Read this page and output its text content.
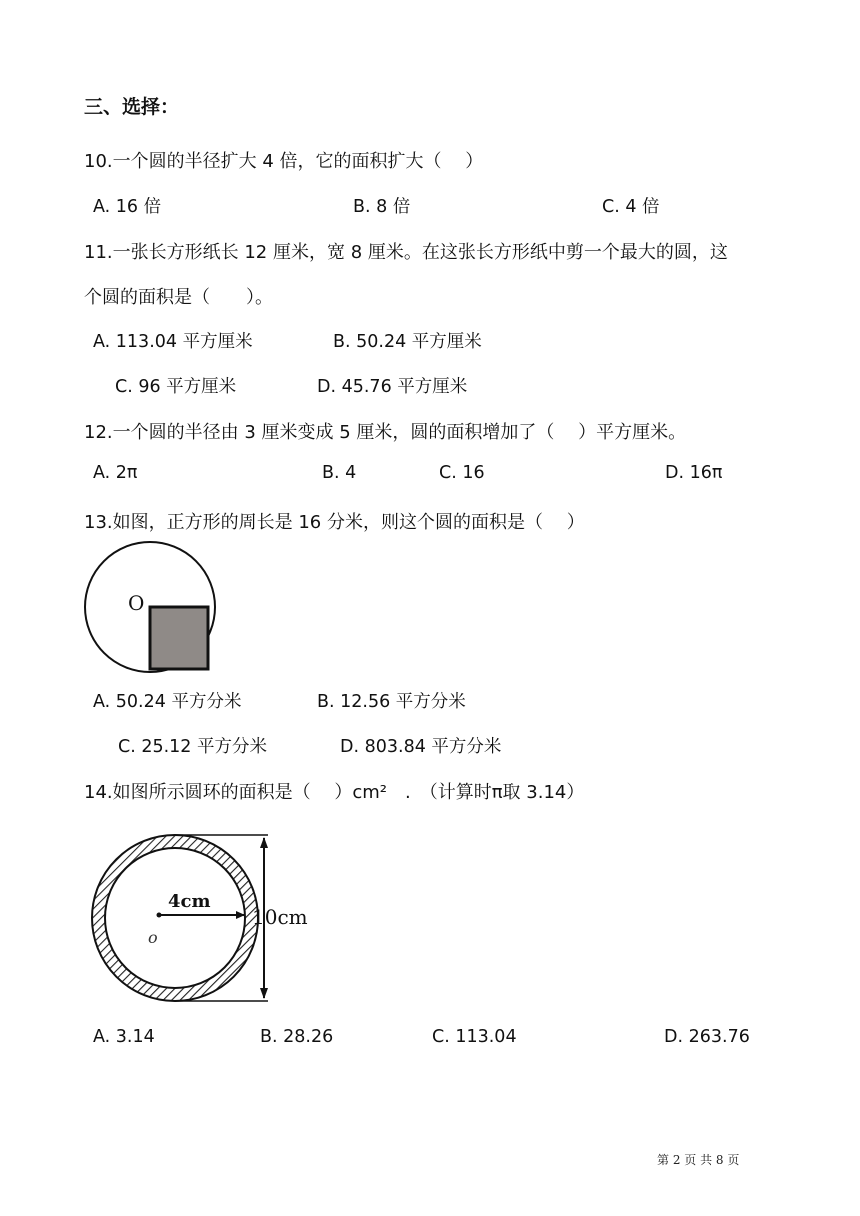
三、选择：
10.一个圆的半径扩大 4 倍，它的面积扩大（　 ）
A. 16 倍	B. 8 倍	C. 4 倍
11.一张长方形纸长 12 厘米，宽 8 厘米。在这张长方形纸中剪一个最大的圆，这
个圆的面积是（　　）。
A. 113.04 平方厘米	B. 50.24 平方厘米
C. 96 平方厘米	D. 45.76 平方厘米
12.一个圆的半径由 3 厘米变成 5 厘米，圆的面积增加了（　 ）平方厘米。
A. 2π	B. 4	C. 16	D. 16π
13.如图，正方形的周长是 16 分米，则这个圆的面积是（　 ）
O
A. 50.24 平方分米	B. 12.56 平方分米
C. 25.12 平方分米	D. 803.84 平方分米
14.如图所示圆环的面积是（　 ）cm²　.　（计算时π取 3.14）
4cm
o
10cm
A. 3.14	B. 28.26	C. 113.04	D. 263.76
第 2 页 共 8 页
